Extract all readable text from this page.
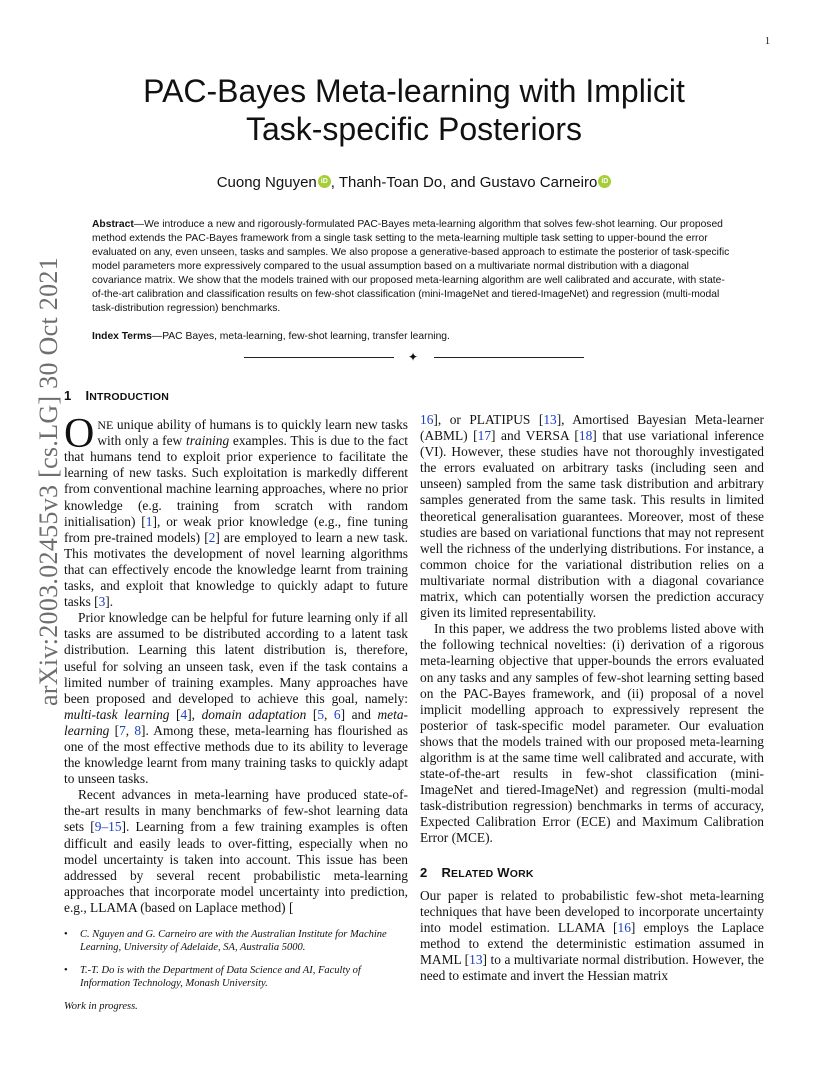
1
arXiv:2003.02455v3 [cs.LG] 30 Oct 2021
PAC-Bayes Meta-learning with Implicit
Task-specific Posteriors
Cuong Nguyen iD , Thanh-Toan Do, and Gustavo Carneiro iD
Abstract—We introduce a new and rigorously-formulated PAC-Bayes meta-learning algorithm that solves few-shot learning. Our proposed method extends the PAC-Bayes framework from a single task setting to the meta-learning multiple task setting to upper-bound the error evaluated on any, even unseen, tasks and samples. We also propose a generative-based approach to estimate the posterior of task-specific model parameters more expressively compared to the usual assumption based on a multivariate normal distribution with a diagonal covariance matrix. We show that the models trained with our proposed meta-learning algorithm are well calibrated and accurate, with state-of-the-art calibration and classification results on few-shot classification (mini-ImageNet and tiered-ImageNet) and regression (multi-modal task-distribution regression) benchmarks.
Index Terms—PAC Bayes, meta-learning, few-shot learning, transfer learning.
✦
1 INTRODUCTION

ONE unique ability of humans is to quickly learn new tasks with only a few training examples. This is due to the fact that humans tend to exploit prior experience to facilitate the learning of new tasks. Such exploitation is markedly different from conventional machine learning approaches, where no prior knowledge (e.g. training from scratch with random initialisation) [1], or weak prior knowledge (e.g., fine tuning from pre-trained models) [2] are employed to learn a new task. This motivates the development of novel learning algorithms that can effectively encode the knowledge learnt from training tasks, and exploit that knowledge to quickly adapt to future tasks [3].

Prior knowledge can be helpful for future learning only if all tasks are assumed to be distributed according to a latent task distribution. Learning this latent distribution is, therefore, useful for solving an unseen task, even if the task contains a limited number of training examples. Many approaches have been proposed and developed to achieve this goal, namely: multi-task learning [4], domain adaptation [5, 6] and meta-learning [7, 8]. Among these, meta-learning has flourished as one of the most effective methods due to its ability to leverage the knowledge learnt from many training tasks to quickly adapt to unseen tasks.

Recent advances in meta-learning have produced state-of-the-art results in many benchmarks of few-shot learning data sets [9–15]. Learning from a few training examples is often difficult and easily leads to over-fitting, especially when no model uncertainty is taken into account. This issue has been addressed by several recent probabilistic meta-learning approaches that incorporate model uncertainty into prediction, e.g., LLAMA (based on Laplace method) [

16], or PLATIPUS [13], Amortised Bayesian Meta-learner (ABML) [17] and VERSA [18] that use variational inference (VI). However, these studies have not thoroughly investigated the errors evaluated on arbitrary tasks (including seen and unseen) sampled from the same task distribution and arbitrary samples generated from the same task. This results in limited theoretical generalisation guarantees. Moreover, most of these studies are based on variational functions that may not represent well the richness of the underlying distributions. For instance, a common choice for the variational distribution relies on a multivariate normal distribution with a diagonal covariance matrix, which can potentially worsen the prediction accuracy given its limited representability.

In this paper, we address the two problems listed above with the following technical novelties: (i) derivation of a rigorous meta-learning objective that upper-bounds the errors evaluated on any tasks and any samples of few-shot learning setting based on the PAC-Bayes framework, and (ii) proposal of a novel implicit modelling approach to expressively represent the posterior of task-specific model parameter. Our evaluation shows that the models trained with our proposed meta-learning algorithm is at the same time well calibrated and accurate, with state-of-the-art results in few-shot classification (mini-ImageNet and tiered-ImageNet) and regression (multi-modal task-distribution regression) benchmarks in terms of accuracy, Expected Calibration Error (ECE) and Maximum Calibration Error (MCE).

2 RELATED WORK

Our paper is related to probabilistic few-shot meta-learning techniques that have been developed to incorporate uncertainty into model estimation. LLAMA [16] employs the Laplace method to extend the deterministic estimation assumed in MAML [13] to a multivariate normal distribution. However, the need to estimate and invert the Hessian matrix

• C. Nguyen and G. Carneiro are with the Australian Institute for Machine Learning, University of Adelaide, SA, Australia 5000.
• T.-T. Do is with the Department of Data Science and AI, Faculty of Information Technology, Monash University.
Work in progress.
